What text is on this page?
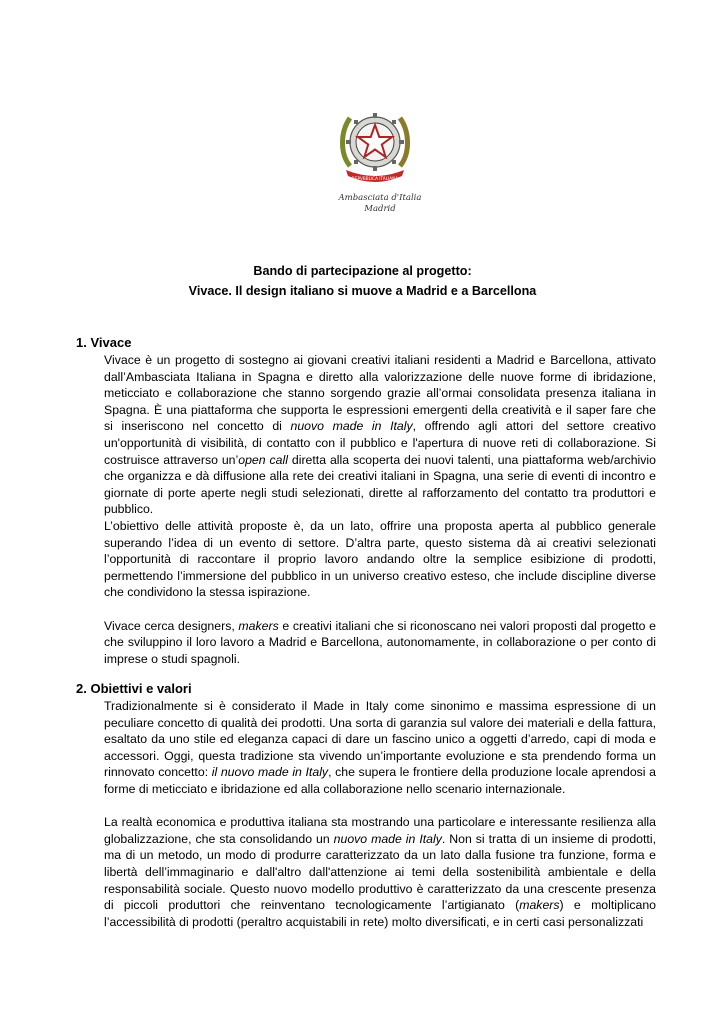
REPVBBLICA ITALIANA
Ambasciata d'Italia
Madrid
Bando di partecipazione al progetto:
Vivace. Il design italiano si muove a Madrid e a Barcellona
1. Vivace

Vivace è un progetto di sostegno ai giovani creativi italiani residenti a Madrid e Barcellona, attivato dall’Ambasciata Italiana in Spagna e diretto alla valorizzazione delle nuove forme di ibridazione, meticciato e collaborazione che stanno sorgendo grazie all’ormai consolidata presenza italiana in Spagna. È una piattaforma che supporta le espressioni emergenti della creatività e il saper fare che si inseriscono nel concetto di nuovo made in Italy, offrendo agli attori del settore creativo un'opportunità di visibilità, di contatto con il pubblico e l'apertura di nuove reti di collaborazione. Si costruisce attraverso un’open call diretta alla scoperta dei nuovi talenti, una piattaforma web/archivio che organizza e dà diffusione alla rete dei creativi italiani in Spagna, una serie di eventi di incontro e giornate di porte aperte negli studi selezionati, dirette al rafforzamento del contatto tra produttori e pubblico.

L’obiettivo delle attività proposte è, da un lato, offrire una proposta aperta al pubblico generale superando l’idea di un evento di settore. D’altra parte, questo sistema dà ai creativi selezionati l’opportunità di raccontare il proprio lavoro andando oltre la semplice esibizione di prodotti, permettendo l’immersione del pubblico in un universo creativo esteso, che include discipline diverse che condividono la stessa ispirazione.

Vivace cerca designers, makers e creativi italiani che si riconoscano nei valori proposti dal progetto e che sviluppino il loro lavoro a Madrid e Barcellona, autonomamente, in collaborazione o per conto di imprese o studi spagnoli.

2. Obiettivi e valori

Tradizionalmente si è considerato il Made in Italy come sinonimo e massima espressione di un peculiare concetto di qualità dei prodotti. Una sorta di garanzia sul valore dei materiali e della fattura, esaltato da uno stile ed eleganza capaci di dare un fascino unico a oggetti d’arredo, capi di moda e accessori. Oggi, questa tradizione sta vivendo un’importante evoluzione e sta prendendo forma un rinnovato concetto: il nuovo made in Italy, che supera le frontiere della produzione locale aprendosi a forme di meticciato e ibridazione ed alla collaborazione nello scenario internazionale.

La realtà economica e produttiva italiana sta mostrando una particolare e interessante resilienza alla globalizzazione, che sta consolidando un nuovo made in Italy. Non si tratta di un insieme di prodotti, ma di un metodo, un modo di produrre caratterizzato da un lato dalla fusione tra funzione, forma e libertà dell’immaginario e dall'altro dall'attenzione ai temi della sostenibilità ambientale e della responsabilità sociale. Questo nuovo modello produttivo è caratterizzato da una crescente presenza di piccoli produttori che reinventano tecnologicamente l’artigianato (makers) e moltiplicano l’accessibilità di prodotti (peraltro acquistabili in rete) molto diversificati, e in certi casi personalizzati
